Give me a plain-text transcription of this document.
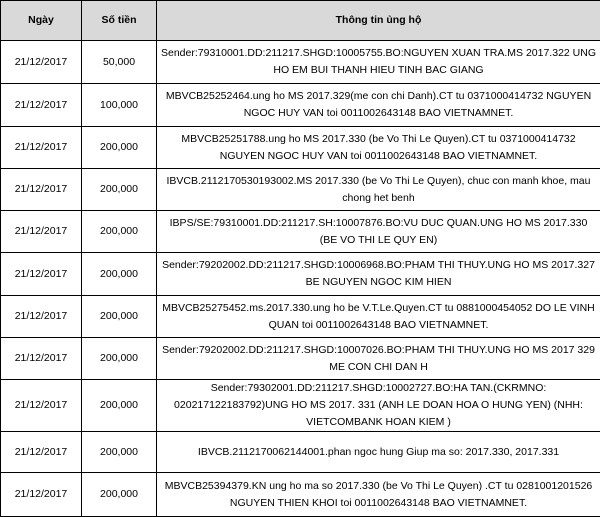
Ngày	Số tiền	Thông tin ủng hộ
21/12/2017	50,000	Sender:79310001.DD:211217.SHGD:10005755.BO:NGUYEN XUAN TRA.MS 2017.322 UNG HO EM BUI THANH HIEU TINH BAC GIANG
21/12/2017	100,000	MBVCB25252464.ung ho MS 2017.329(me con chi Danh).CT tu 0371000414732 NGUYEN NGOC HUY VAN toi 0011002643148 BAO VIETNAMNET.
21/12/2017	200,000	MBVCB25251788.ung ho MS 2017.330 (be Vo Thi Le Quyen).CT tu 0371000414732 NGUYEN NGOC HUY VAN toi 0011002643148 BAO VIETNAMNET.
21/12/2017	200,000	IBVCB.2112170530193002.MS 2017.330 (be Vo Thi Le Quyen), chuc con manh khoe, mau chong het benh
21/12/2017	200,000	IBPS/SE:79310001.DD:211217.SH:10007876.BO:VU DUC QUAN.UNG HO MS 2017.330 (BE VO THI LE QUY EN)
21/12/2017	200,000	Sender:79202002.DD:211217.SHGD:10006968.BO:PHAM THI THUY.UNG HO MS 2017.327 BE NGUYEN NGOC KIM HIEN
21/12/2017	200,000	MBVCB25275452.ms.2017.330.ung ho be V.T.Le.Quyen.CT tu 0881000454052 DO LE VINH QUAN toi 0011002643148 BAO VIETNAMNET.
21/12/2017	200,000	Sender:79202002.DD:211217.SHGD:10007026.BO:PHAM THI THUY.UNG HO MS 2017 329 ME CON CHI DAN H
21/12/2017	200,000	Sender:79302001.DD:211217.SHGD:10002727.BO:HA TAN.(CKRMNO: 020217122183792)UNG HO MS 2017. 331 (ANH LE DOAN HOA O HUNG YEN) (NHH: VIETCOMBANK HOAN KIEM )
21/12/2017	200,000	IBVCB.2112170062144001.phan ngoc hung Giup ma so: 2017.330, 2017.331
21/12/2017	200,000	MBVCB25394379.KN ung ho ma so 2017.330 (be Vo Thi Le Quyen) .CT tu 0281001201526 NGUYEN THIEN KHOI toi 0011002643148 BAO VIETNAMNET.
